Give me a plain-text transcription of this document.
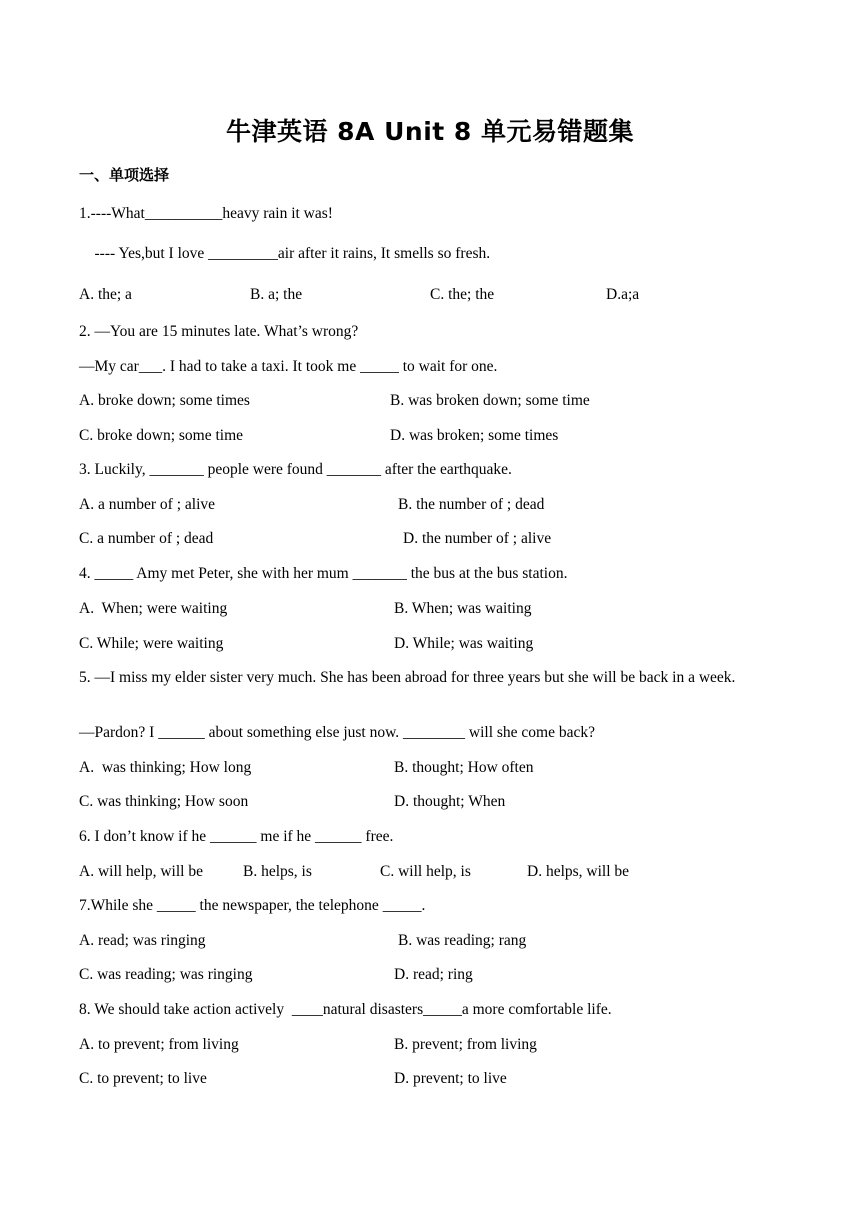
牛津英语 8A Unit 8 单元易错题集
一、单项选择
1.----What__________heavy rain it was!
---- Yes,but I love _________air after it rains, It smells so fresh.
A. the; a	B. a; the	C. the; the	D.a;a
2. —You are 15 minutes late. What’s wrong?
—My car___. I had to take a taxi. It took me _____ to wait for one.
A. broke down; some times	B. was broken down; some time
C. broke down; some time	D. was broken; some times
3. Luckily, _______ people were found _______ after the earthquake.
A. a number of ; alive	B. the number of ; dead
C. a number of ; dead	D. the number of ; alive
4. _____ Amy met Peter, she with her mum _______ the bus at the bus station.
A.  When; were waiting	B. When; was waiting
C. While; were waiting	D. While; was waiting
5. —I miss my elder sister very much. She has been abroad for three years but she will be back in a week.
—Pardon? I ______ about something else just now. ________ will she come back?
A.  was thinking; How long	B. thought; How often
C. was thinking; How soon	D. thought; When
6. I don’t know if he ______ me if he ______ free.
A. will help, will be	B. helps, is	C. will help, is	D. helps, will be
7.While she _____ the newspaper, the telephone _____.
A. read; was ringing	B. was reading; rang
C. was reading; was ringing	D. read; ring
8. We should take action actively  ____natural disasters_____a more comfortable life.
A. to prevent; from living	B. prevent; from living
C. to prevent; to live	D. prevent; to live
